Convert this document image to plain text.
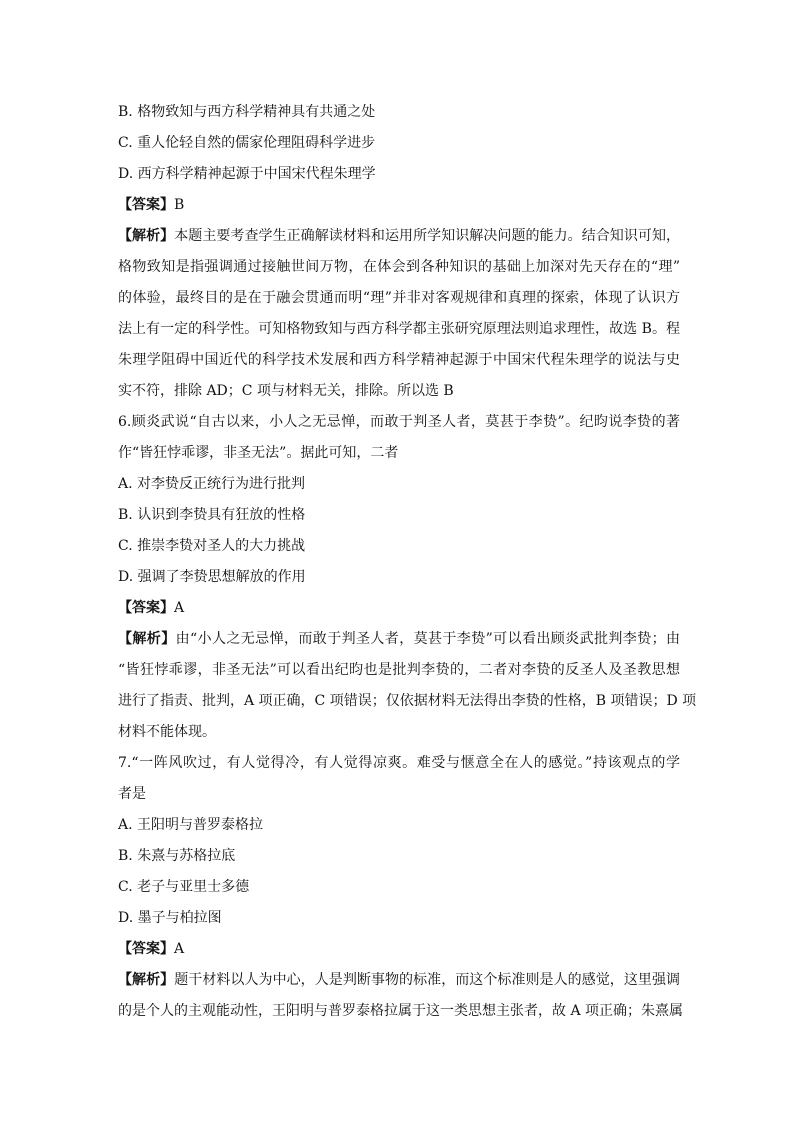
B. 格物致知与西方科学精神具有共通之处
C. 重人伦轻自然的儒家伦理阻碍科学进步
D. 西方科学精神起源于中国宋代程朱理学
【答案】B
【解析】本题主要考查学生正确解读材料和运用所学知识解决问题的能力。结合知识可知，
格物致知是指强调通过接触世间万物，在体会到各种知识的基础上加深对先天存在的“理”
的体验，最终目的是在于融会贯通而明“理”并非对客观规律和真理的探索，体现了认识方
法上有一定的科学性。可知格物致知与西方科学都主张研究原理法则追求理性，故选 B。程
朱理学阻碍中国近代的科学技术发展和西方科学精神起源于中国宋代程朱理学的说法与史
实不符，排除 AD；C 项与材料无关，排除。所以选 B
6.顾炎武说“自古以来，小人之无忌惮，而敢于判圣人者，莫甚于李贽”。纪昀说李贽的著
作“皆狂悖乖谬，非圣无法”。据此可知，二者
A. 对李贽反正统行为进行批判
B. 认识到李贽具有狂放的性格
C. 推崇李贽对圣人的大力挑战
D. 强调了李贽思想解放的作用
【答案】A
【解析】由“小人之无忌惮，而敢于判圣人者，莫甚于李贽”可以看出顾炎武批判李贽；由
“皆狂悖乖谬，非圣无法”可以看出纪昀也是批判李贽的，二者对李贽的反圣人及圣教思想
进行了指责、批判，A 项正确，C 项错误；仅依据材料无法得出李贽的性格，B 项错误；D 项
材料不能体现。
7.“一阵风吹过，有人觉得冷，有人觉得凉爽。难受与惬意全在人的感觉。”持该观点的学
者是
A. 王阳明与普罗泰格拉
B. 朱熹与苏格拉底
C. 老子与亚里士多德
D. 墨子与柏拉图
【答案】A
【解析】题干材料以人为中心，人是判断事物的标准，而这个标准则是人的感觉，这里强调
的是个人的主观能动性，王阳明与普罗泰格拉属于这一类思想主张者，故 A 项正确；朱熹属
